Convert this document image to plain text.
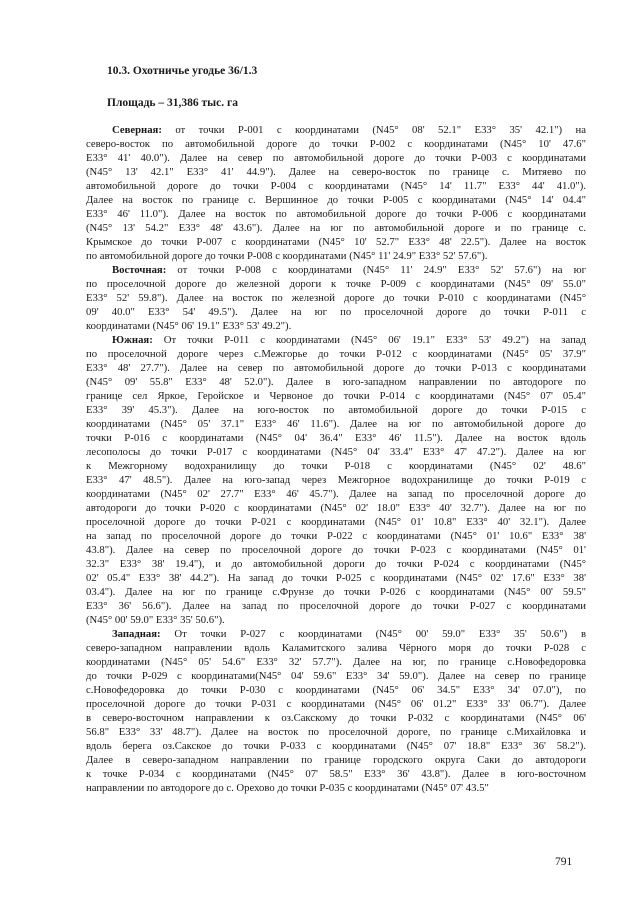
10.3. Охотничье угодье 36/1.3

Площадь – 31,386 тыс. га

Северная: от точки Р-001 с координатами (N45° 08' 52.1" E33° 35' 42.1") на
северо-восток по автомобильной дороге до точки Р-002 с координатами (N45° 10' 47.6"
E33° 41' 40.0"). Далее на север по автомобильной дороге до точки Р-003 с координатами
(N45° 13' 42.1" E33° 41' 44.9"). Далее на северо-восток по границе с. Митяево по
автомобильной дороге до точки Р-004 с координатами (N45° 14' 11.7" E33° 44' 41.0").
Далее на восток по границе с. Вершинное до точки Р-005 с координатами (N45° 14' 04.4"
E33° 46' 11.0"). Далее на восток по автомобильной дороге до точки Р-006 с координатами
(N45° 13' 54.2" E33° 48' 43.6"). Далее на юг по автомобильной дороге и по границе с.
Крымское до точки Р-007 с координатами (N45° 10' 52.7" E33° 48' 22.5"). Далее на восток
по автомобильной дороге до точки Р-008 с координатами (N45° 11' 24.9" E33° 52' 57.6").
Восточная: от точки Р-008 с координатами (N45° 11' 24.9" E33° 52' 57.6") на юг
по проселочной дороге до железной дороги к точке Р-009 с координатами (N45° 09' 55.0"
E33° 52' 59.8"). Далее на восток по железной дороге до точки Р-010 с координатами (N45°
09' 40.0" E33° 54' 49.5"). Далее на юг по проселочной дороге до точки Р-011 с
координатами (N45° 06' 19.1" E33° 53' 49.2").
Южная: От точки Р-011 с координатами (N45° 06' 19.1" E33° 53' 49.2") на запад
по проселочной дороге через с.Межгорье до точки Р-012 с координатами (N45° 05' 37.9"
E33° 48' 27.7"). Далее на север по автомобильной дороге до точки Р-013 с координатами
(N45° 09' 55.8" E33° 48' 52.0"). Далее в юго-западном направлении по автодороге по
границе сел Яркое, Геройское и Червоное до точки Р-014 с координатами (N45° 07' 05.4"
E33° 39' 45.3"). Далее на юго-восток по автомобильной дороге до точки Р-015 с
координатами (N45° 05' 37.1" E33° 46' 11.6"). Далее на юг по автомобильной дороге до
точки Р-016 с координатами (N45° 04' 36.4" E33° 46' 11.5"). Далее на восток вдоль
лесополосы до точки Р-017 с координатами (N45° 04' 33.4" E33° 47' 47.2"). Далее на юг
к Межгорному водохранилищу до точки Р-018 с координатами (N45° 02' 48.6"
E33° 47' 48.5"). Далее на юго-запад через Межгорное водохранилище до точки Р-019 с
координатами (N45° 02' 27.7" E33° 46' 45.7"). Далее на запад по проселочной дороге до
автодороги до точки Р-020 с координатами (N45° 02' 18.0" E33° 40' 32.7"). Далее на юг по
проселочной дороге до точки Р-021 с координатами (N45° 01' 10.8" E33° 40' 32.1"). Далее
на запад по проселочной дороге до точки Р-022 с координатами (N45° 01' 10.6" E33° 38'
43.8"). Далее на север по проселочной дороге до точки Р-023 с координатами (N45° 01'
32.3" E33° 38' 19.4"), и до автомобильной дороги до точки Р-024 с координатами (N45°
02' 05.4" E33° 38' 44.2"). На запад до точки Р-025 с координатами (N45° 02' 17.6" E33° 38'
03.4"). Далее на юг по границе с.Фрунзе до точки Р-026 с координатами (N45° 00' 59.5"
E33° 36' 56.6"). Далее на запад по проселочной дороге до точки Р-027 с координатами
(N45° 00' 59.0" E33° 35' 50.6").
Западная: От точки Р-027 с координатами (N45° 00' 59.0" E33° 35' 50.6") в
северо-западном направлении вдоль Каламитского залива Чёрного моря до точки Р-028 с
координатами (N45° 05' 54.6" E33° 32' 57.7"). Далее на юг, по границе с.Новофедоровка
до точки Р-029 с координатами(N45° 04' 59.6" E33° 34' 59.0"). Далее на север по границе
с.Новофедоровка до точки Р-030 с координатами (N45° 06' 34.5" E33° 34' 07.0"), по
проселочной дороге до точки Р-031 с координатами (N45° 06' 01.2" E33° 33' 06.7"). Далее
в северо-восточном направлении к оз.Сакскому до точки Р-032 с координатами (N45° 06'
56.8" E33° 33' 48.7"). Далее на восток по проселочной дороге, по границе с.Михайловка и
вдоль берега оз.Сакское до точки Р-033 с координатами (N45° 07' 18.8" E33° 36' 58.2").
Далее в северо-западном направлении по границе городского округа Саки до автодороги
к точке Р-034 с координатами (N45° 07' 58.5" E33° 36' 43.8"). Далее в юго-восточном
направлении по автодороге до с. Орехово до точки Р-035 с координатами (N45° 07' 43.5"

791
